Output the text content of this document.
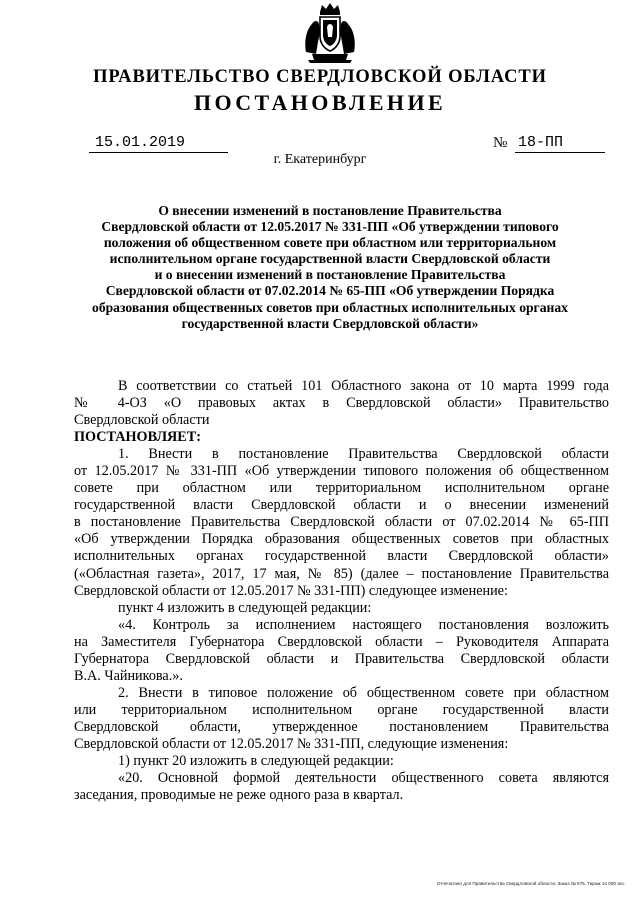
ПРАВИТЕЛЬСТВО СВЕРДЛОВСКОЙ ОБЛАСТИ
ПОСТАНОВЛЕНИЕ
15.01.2019	№ 18-ПП
г. Екатеринбург
О внесении изменений в постановление Правительства
Свердловской области от 12.05.2017 № 331-ПП «Об утверждении типового
положения об общественном совете при областном или территориальном
исполнительном органе государственной власти Свердловской области
и о внесении изменений в постановление Правительства
Свердловской области от 07.02.2014 № 65-ПП «Об утверждении Порядка
образования общественных советов при областных исполнительных органах
государственной власти Свердловской области»
В соответствии со статьей 101 Областного закона от 10 марта 1999 года
№ 4-ОЗ «О правовых актах в Свердловской области» Правительство
Свердловской области
ПОСТАНОВЛЯЕТ:
1. Внести в постановление Правительства Свердловской области
от 12.05.2017 № 331-ПП «Об утверждении типового положения об общественном
совете при областном или территориальном исполнительном органе
государственной власти Свердловской области и о внесении изменений
в постановление Правительства Свердловской области от 07.02.2014 № 65-ПП
«Об утверждении Порядка образования общественных советов при областных
исполнительных органах государственной власти Свердловской области»
(«Областная газета», 2017, 17 мая, № 85) (далее – постановление Правительства
Свердловской области от 12.05.2017 № 331-ПП) следующее изменение:
пункт 4 изложить в следующей редакции:
«4. Контроль за исполнением настоящего постановления возложить
на Заместителя Губернатора Свердловской области – Руководителя Аппарата
Губернатора Свердловской области и Правительства Свердловской области
В.А. Чайникова.».
2. Внести в типовое положение об общественном совете при областном
или территориальном исполнительном органе государственной власти
Свердловской области, утвержденное постановлением Правительства
Свердловской области от 12.05.2017 № 331-ПП, следующие изменения:
1) пункт 20 изложить в следующей редакции:
«20. Основной формой деятельности общественного совета являются
заседания, проводимые не реже одного раза в квартал.
Отпечатано для Правительства Свердловской области. Заказ № 575. Тираж 14 000 экз.
